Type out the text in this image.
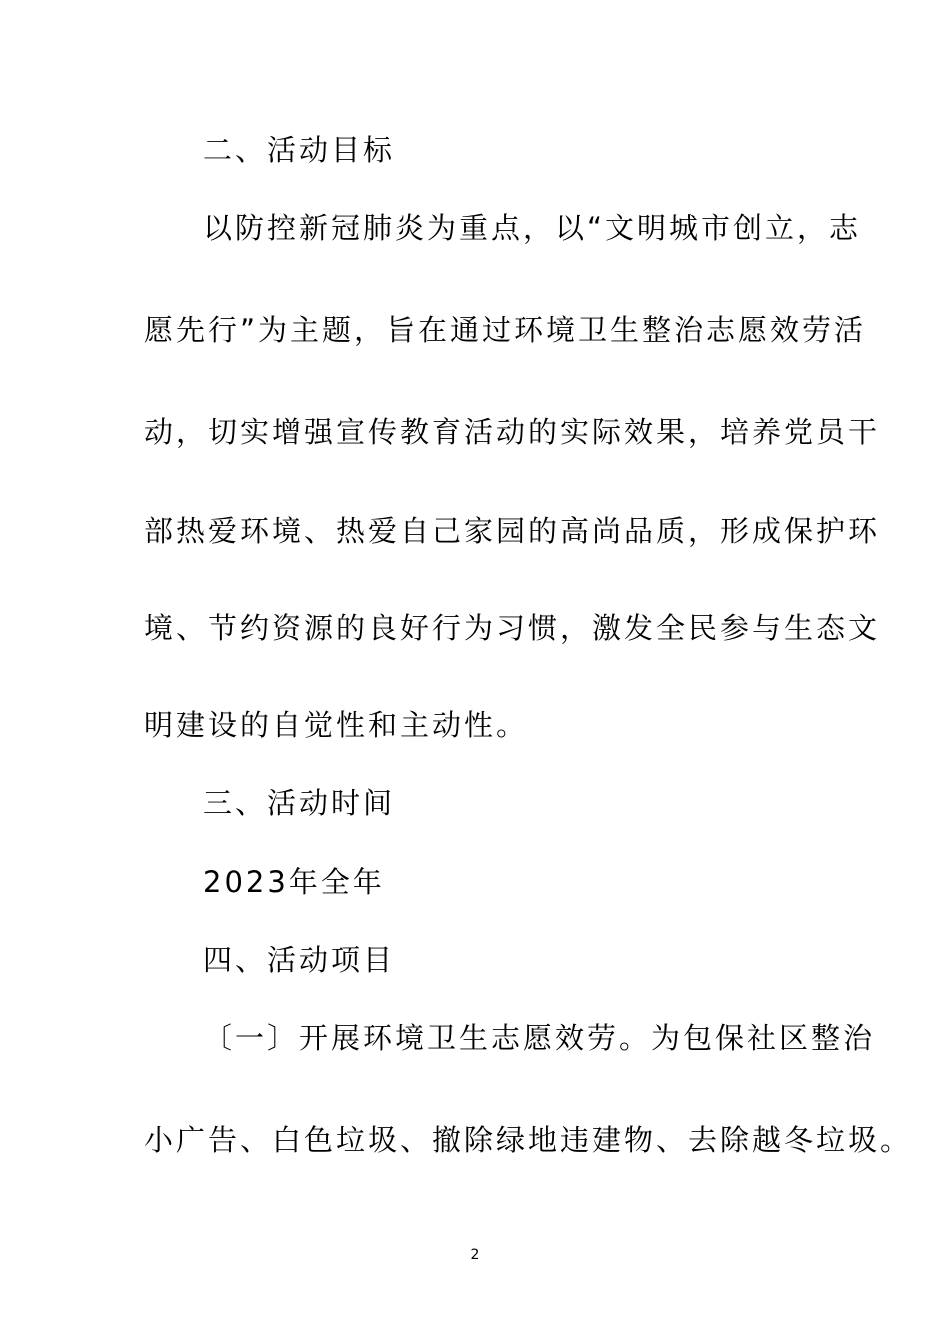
二、活动目标
以防控新冠肺炎为重点，以“文明城市创立，志
愿先行”为主题，旨在通过环境卫生整治志愿效劳活
动，切实增强宣传教育活动的实际效果，培养党员干
部热爱环境、热爱自己家园的高尚品质，形成保护环
境、节约资源的良好行为习惯，激发全民参与生态文
明建设的自觉性和主动性。
三、活动时间
2023年全年
四、活动项目
〔一〕开展环境卫生志愿效劳。为包保社区整治
小广告、白色垃圾、撤除绿地违建物、去除越冬垃圾。
2
